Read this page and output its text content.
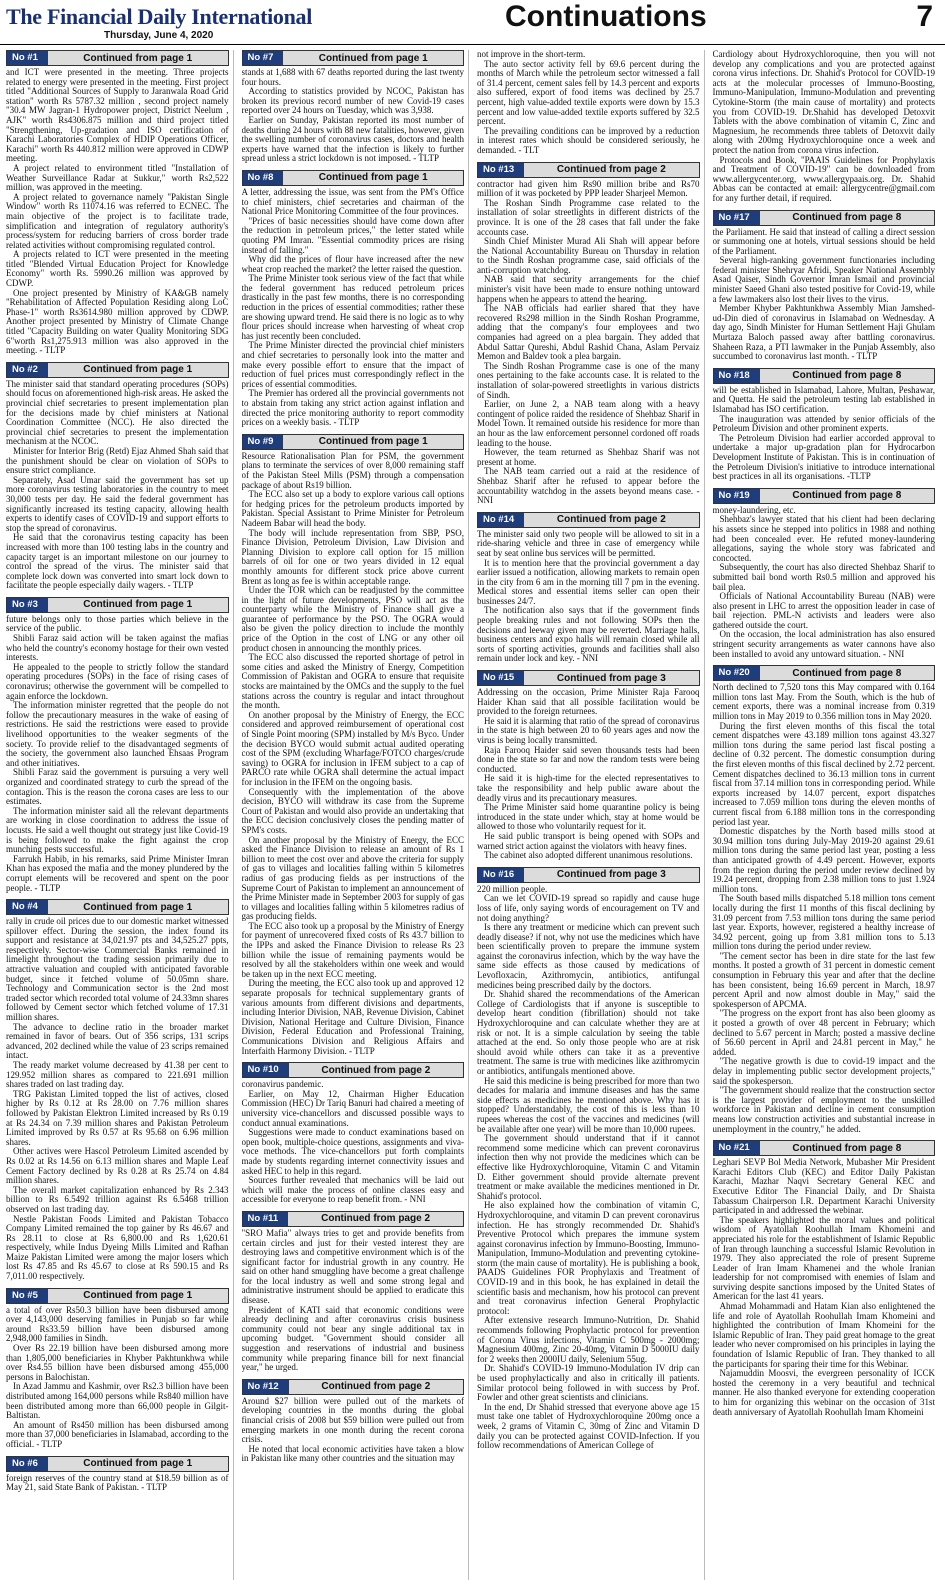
The Financial Daily International
Thursday, June 4, 2020
Continuations	7
No #1	Continued from page 1

and ICT were presented in the meeting. Three projects related to energy were presented in the meeting. First project titled "Additional Sources of Supply to Jaranwala Road Grid station" worth Rs 5787.32 million , second project namely "30.4 MW Jagran-1 Hydropower project, District Neelum , AJK" worth Rs4306.875 million and third project titled "Strengthening, Up-gradation and ISO certification of Karachi Laboratories Complex of HDIP Operations Officer, Karachi" worth Rs 440.812 million were approved in CDWP meeting.

A project related to environment titled "Installation of Weather Surveillance Radar at Sukkur," worth Rs2,522 million, was approved in the meeting.

A project related to governance namely "Pakistan Single Window" worth Rs 11074.16 was referred to ECNEC. The main objective of the project is to facilitate trade, simplification and integration of regulatory authority's process/system for reducing barriers of cross border trade related activities without compromising regulated control.

A projects related to ICT were presented in the meeting titled "Blended Virtual Education Project for Knowledge Economy" worth Rs. 5990.26 million was approved by CDWP.

One project presented by Ministry of KA&GB namely "Rehabilitation of Affected Population Residing along LoC Phase-1" worth Rs3614.980 million approved by CDWP. Another project presented by Ministry of Climate Change titled "Capacity Building on water Quality Monitoring SDG 6"worth Rs1,275.913 million was also approved in the meeting. - TLTP

No #2	Continued from page 1

The minister said that standard operating procedures (SOPs) should focus on aforementioned high-risk areas. He asked the provincial chief secretaries to present implementation plan for the decisions made by chief ministers at National Coordination Committee (NCC). He also directed the provincial chief secretaries to present the implementation mechanism at the NCOC.

Minister for Interior Brig (Retd) Ejaz Ahmed Shah said that the punishment should be clear on violation of SOPs to ensure strict compliance.

Separately, Asad Umar said the government has set up more coronavirus testing laboratories in the country to meet 30,000 tests per day. He said the federal government has significantly increased its testing capacity, allowing health experts to identify cases of COVID-19 and support efforts to stop the spread of coronavirus.

He said that the coronavirus testing capacity has been increased with more than 100 testing labs in the country and capacity target is an important milestone on our journey to control the spread of the virus. The minister said that complete lock down was converted into smart lock down to facilitate the people especially daily wagers. - TLTP

No #3	Continued from page 1

future belongs only to those parties which believe in the service of the public.

Shibli Faraz said action will be taken against the mafias who held the country's economy hostage for their own vested interests.

He appealed to the people to strictly follow the standard operating procedures (SOPs) in the face of rising cases of coronavirus; otherwise the government will be compelled to again enforce the lockdown.

The information minister regretted that the people do not follow the precautionary measures in the wake of easing of restrictions. He said the restrictions were eased to provide livelihood opportunities to the weaker segments of the society. To provide relief to the disadvantaged segments of the society, the government also launched Ehsaas Program and other initiatives.

Shibli Faraz said the government is pursuing a very well organized and coordinated strategy to curb the spread of the contagion. This is the reason the corona cases are less to our estimates.

The information minister said all the relevant departments are working in close coordination to address the issue of locusts. He said a well thought out strategy just like Covid-19 is being followed to make the fight against the crop munching pests successful.

Farrukh Habib, in his remarks, said Prime Minister Imran Khan has exposed the mafia and the money plundered by the corrupt elements will be recovered and spent on the poor people. - TLTP

No #4	Continued from page 1

rally in crude oil prices due to our domestic market witnessed spillover effect. During the session, the index found its support and resistance at 34,021.97 pts and 34,525.27 ppts, respectively. Sector-wise Commercial Banks remained in limelight throughout the trading session primarily due to attractive valuation and coupled with anticipated favorable budget, since it fetched volume of 50.05mn share. Technology and Communication sector is the 2nd most traded sector which recorded total volume of 24.33mn shares followed by Cement sector which fetched volume of 17.31 million shares.

The advance to decline ratio in the broader market remained in favor of bears. Out of 356 scrips, 131 scrips advanced, 202 declined while the value of 23 scrips remained intact.

The ready market volume decreased by 41.38 per cent to 129.952 million shares as compared to 221.691 million shares traded on last trading day.

TRG Pakistan Limited topped the list of actives, closed higher by Rs 0.12 at Rs 28.00 on 7.76 million shares followed by Pakistan Elektron Limited increased by Rs 0.19 at Rs 24.34 on 7.39 million shares and Pakistan Petroleum Limited improved by Rs 0.57 at Rs 95.68 on 6.96 million shares.

Other actives were Hascol Petroleum Limited ascended by Rs 0.02 at Rs 14.56 on 6.13 million shares and Maple Leaf Cement Factory declined by Rs 0.28 at Rs 25.74 on 4.84 million shares.

The overall market capitalization enhanced by Rs 2.343 billion to Rs 6.5492 trillion against Rs 6.5468 trillion observed on last trading day.

Nestle Pakistan Foods Limited and Pakistan Tobacco Company Limited remained the top gainer by Rs 46.67 and Rs 28.11 to close at Rs 6,800.00 and Rs 1,620.61 respectively, while Indus Dyeing Mills Limited and Rafhan Maize Pakistan Limited were among the major losers which lost Rs 47.85 and Rs 45.67 to close at Rs 590.15 and Rs 7,011.00 respectively.

No #5	Continued from page 1

a total of over Rs50.3 billion have been disbursed among over 4,143,000 deserving families in Punjab so far while around Rs33.59 billion have been disbursed among 2,948,000 families in Sindh.

Over Rs 22.19 billion have been disbursed among more than 1,805,000 beneficiaries in Khyber Pakhtunkhwa while over Rs4.55 billion have been disbursed among 455,000 persons in Balochistan.

In Azad Jammu and Kashmir, over Rs2.3 billion have been distributed among 164,000 persons while Rs840 million have been distributed among more than 66,000 people in Gilgit-Baltistan.

An amount of Rs450 million has been disbursed among more than 37,000 beneficiaries in Islamabad, according to the official. - TLTP

No #6	Continued from page 1

foreign reserves of the country stand at $18.59 billion as of May 21, said State Bank of Pakistan. - TLTP

No #7	Continued from page 1

stands at 1,688 with 67 deaths reported during the last twenty four hours.

According to statistics provided by NCOC, Pakistan has broken its previous record number of new Covid-19 cases reported over 24 hours on Tuesday, which was 3,938.

Earlier on Sunday, Pakistan reported its most number of deaths during 24 hours with 88 new fatalities, however, given the swelling number of coronavirus cases, doctors and health experts have warned that the infection is likely to further spread unless a strict lockdown is not imposed. - TLTP

No #8	Continued from page 1

A letter, addressing the issue, was sent from the PM's Office to chief ministers, chief secretaries and chairman of the National Price Monitoring Committee of the four provinces.

"Prices of basic necessities should have come down after the reduction in petroleum prices," the letter stated while quoting PM Imran. "Essential commodity prices are rising instead of falling."

Why did the prices of flour have increased after the new wheat crop reached the market? the letter raised the question.

The Prime Minister took serious view of the fact that while the federal government has reduced petroleum prices drastically in the past few months, there is no corresponding reduction in the prices of essential commodities; rather these are showing upward trend. He said there is no logic as to why flour prices should increase when harvesting of wheat crop has just recently been concluded.

The Prime Minister directed the provincial chief ministers and chief secretaries to personally look into the matter and make every possible effort to ensure that the impact of reduction of fuel prices must correspondingly reflect in the prices of essential commodities.

The Premier has ordered all the provincial governments not to abstain from taking any strict action against inflation and directed the price monitoring authority to report commodity prices on a weekly basis. - TLTP

No #9	Continued from page 1

Resource Rationalisation Plan for PSM, the government plans to terminate the services of over 8,000 remaining staff of the Pakistan Steel Mills (PSM) through a compensation package of about Rs19 billion.

The ECC also set up a body to explore various call options for hedging prices for the petroleum products imported by Pakistan. Special Assistant to Prime Minister for Petroleum Nadeem Babar will head the body.

The body will include representation from SBP, PSO, Finance Division, Petroleum Division, Law Division and Planning Division to explore call option for 15 million barrels of oil for one or two years divided in 12 equal monthly amounts for different stock price above current Brent as long as fee is within acceptable range.

Under the TOR which can be readjusted by the committee in the light of future developments, PSO will act as the counterparty while the Ministry of Finance shall give a guarantee of performance by the PSO. The OGRA would also be given the policy direction to include the monthly price of the Option in the cost of LNG or any other oil product chosen in announcing the monthly prices.

The ECC also discussed the reported shortage of petrol in some cities and asked the Ministry of Energy, Competition Commission of Pakistan and OGRA to ensure that requisite stocks are maintained by the OMCs and the supply to the fuel stations across the country is regular and intact throughout the month.

On another proposal by the Ministry of Energy, the ECC considered and approved reimbursement of operational cost of Single Point mooring (SPM) installed by M/s Byco. Under the decision BYCO would submit actual audited operating cost of the SPM (excluding Wharfage/FOTCO charges/crude saving) to OGRA for inclusion in IFEM subject to a cap of PARCO rate while OGRA shall determine the actual impact for inclusion in the IFEM on the ongoing basis.

Consequently with the implementation of the above decision, BYCO will withdraw its case from the Supreme Court of Pakistan and would also provide an undertaking that the ECC decision conclusively closes the pending matter of SPM's costs.

On another proposal by the Ministry of Energy, the ECC asked the Finance Division to release an amount of Rs 1 billion to meet the cost over and above the criteria for supply of gas to villages and localities falling within 5 kilometres radius of gas producing fields as per instructions of the Supreme Court of Pakistan to implement an announcement of the Prime Minister made in September 2003 for supply of gas to villages and localities falling within 5 kilometres radius of gas producing fields.

The ECC also took up a proposal by the Ministry of Energy for payment of unrecovered fixed costs of Rs 43.7 billion to the IPPs and asked the Finance Division to release Rs 23 billion while the issue of remaining payments would be resolved by all the stakeholders within one week and would be taken up in the next ECC meeting.

During the meeting, the ECC also took up and approved 12 separate proposals for technical supplementary grants of various amounts from different divisions and departments, including Interior Division, NAB, Revenue Division, Cabinet Division, National Heritage and Culture Division, Finance Division, Federal Education and Professional Training, Communications Division and Religious Affairs and Interfaith Harmony Division. - TLTP

No #10	Continued from page 2

coronavirus pandemic.

Earlier, on May 12, Chairman Higher Education Commission (HEC) Dr Tariq Banuri had chaired a meeting of university vice-chancellors and discussed possible ways to conduct annual examinations.

Suggestions were made to conduct examinations based on open book, multiple-choice questions, assignments and viva-voce methods. The vice-chancellors put forth complaints made by students regarding internet connectivity issues and asked HEC to help in this regard.

Sources further revealed that mechanics will be laid out which will make the process of online classes easy and accessible for everyone to reap benefit from. - NNI

No #11	Continued from page 2

"SRO Mafia" always tries to get and provide benefits from certain circles and just for their vested interest they are destroying laws and competitive environment which is of the significant factor for industrial growth in any country. He said on other hand smuggling have become a great challenge for the local industry as well and some strong legal and administrative instrument should be applied to eradicate this disease.

President of KATI said that economic conditions were already declining and after coronavirus crisis business community could not bear any single additional tax in upcoming budget. "Government should consider all suggestion and reservations of industrial and business community while preparing finance bill for next financial year," he urged.

No #12	Continued from page 2

Around $27 billion were pulled out of the markets of developing countries in the months during the global financial crisis of 2008 but $59 billion were pulled out from emerging markets in one month during the recent corona crisis.

He noted that local economic activities have taken a blow in Pakistan like many other countries and the situation may

not improve in the short-term.

The auto sector activity fell by 69.6 percent during the months of March while the petroleum sector witnessed a fall of 31.4 percent, cement sales fell by 14.3 percent and exports also suffered, export of food items was declined by 25.7 percent, high value-added textile exports were down by 15.3 percent and low value-added textile exports suffered by 32.5 percent.

The prevailing conditions can be improved by a reduction in interest rates which should be considered seriously, he demanded. - TLT

No #13	Continued from page 2

contractor had given him Rs90 million bribe and Rs70 million of it was pocketed by PPP leader Sharjeel Memon.

The Roshan Sindh Programme case related to the installation of solar streetlights in different districts of the province. It is one of the 28 cases that fall under the fake accounts case.

Sindh Chief Minister Murad Ali Shah will appear before the National Accountability Bureau on Thursday in relation to the Sindh Roshan programme case, said officials of the anti-corruption watchdog.

NAB said that security arrangements for the chief minister's visit have been made to ensure nothing untoward happens when he appears to attend the hearing.

The NAB officials had earlier shared that they have recovered Rs298 million in the Sindh Roshan Programme, adding that the company's four employees and two companies had agreed on a plea bargain. They added that Abdul Sattar Qureshi, Abdul Rashid Chana, Aslam Pervaiz Memon and Baldev took a plea bargain.

The Sindh Roshan Programme case is one of the many ones pertaining to the fake accounts case. It is related to the installation of solar-powered streetlights in various districts of Sindh.

Earlier, on June 2, a NAB team along with a heavy contingent of police raided the residence of Shehbaz Sharif in Model Town. It remained outside his residence for more than an hour as the law enforcement personnel cordoned off roads leading to the house.

However, the team returned as Shehbaz Sharif was not present at home.

The NAB team carried out a raid at the residence of Shehbaz Sharif after he refused to appear before the accountability watchdog in the assets beyond means case. - NNI

No #14	Continued from page 2

The minister said only two people will be allowed to sit in a ride-sharing vehicle and three in case of emergency while seat by seat online bus services will be permitted.

It is to mention here that the provincial government a day earlier issued a notification, allowing markets to remain open in the city from 6 am in the morning till 7 pm in the evening. Medical stores and essential items seller can open their businesses 24/7.

The notification also says that if the government finds people breaking rules and not following SOPs then the decisions and leeway given may be reverted. Marriage halls, business centers and expo halls will remain closed while all sorts of sporting activities, grounds and facilities shall also remain under lock and key. - NNI

No #15	Continued from page 3

Addressing on the occasion, Prime Minister Raja Farooq Haider Khan said that all possible facilitation would be provided to the foreign returnees.

He said it is alarming that ratio of the spread of coronavirus in the state is high between 20 to 60 years ages and now the virus is being locally transmitted.

Raja Farooq Haider said seven thousands tests had been done in the state so far and now the random tests were being conducted.

He said it is high-time for the elected representatives to take the responsibility and help public aware about the deadly virus and its precautionary measures.

The Prime Minister said home quarantine policy is being introduced in the state under which, stay at home would be allowed to those who voluntarily request for it.

He said public transport is being opened with SOPs and warned strict action against the violators with heavy fines.

The cabinet also adopted different unanimous resolutions.

No #16	Continued from page 3

220 million people.

Can we let COVID-19 spread so rapidly and cause huge loss of life, only saying words of encouragement on TV and not doing anything?

Is there any treatment or medicine which can prevent such deadly disease? if not, why not use the medicines which have been scientifically proven to prepare the immune system against the coronavirus infection, which by the way have the same side effects as those caused by medications of Levofloxacin, Azithromycin, antibiotics, antifungal medicines being prescribed daily by the doctors.

Dr. Shahid shared the recommendations of the American College of Cardiologists that if anyone is susceptible to develop heart condition (fibrillation) should not take Hydroxychloroquine and can calculate whether they are at risk or not. It is a simple calculation by seeing the table attached at the end. So only those people who are at risk should avoid while others can take it as a preventive treatment. The same is true with medicines like azithromycin or antibiotics, antifungals mentioned above.

He said this medicine is being prescribed for more than two decades for malaria and immune diseases and has the same side effects as medicines he mentioned above. Why has it stopped? Understandably, the cost of this is less than 10 rupees whereas the cost of the vaccines and medicines (will be available after one year) will be more than 10,000 rupees.

The government should understand that if it cannot recommend some medicine which can prevent coronavirus infection then why not provide the medicines which can be effective like Hydroxychloroquine, Vitamin C and Vitamin D. Either government should provide alternate prevent treatment or make available the medicines mentioned in Dr. Shahid's protocol.

He also explained how the combination of vitamin C, Hydroxychloroquine, and vitamin D can prevent coronavirus infection. He has strongly recommended Dr. Shahid's Preventive Protocol which prepares the immune system against coronavirus infection by Immuno-Boosting, Immuno-Manipulation, Immuno-Modulation and preventing cytokine-storm (the main cause of mortality). He is publishing a book, PAADS Guidelines FOR Prophylaxis and Treatment of COVID-19 and in this book, he has explained in detail the scientific basis and mechanism, how his protocol can prevent and treat coronavirus infection General Prophylactic protocol:

After extensive research Immuno-Nutrition, Dr. Shahid recommends following Prophylactic protocol for prevention of Corona Virus infections, Vitamin C 500mg - 2000mg; Magnesium 400mg, Zinc 20-40mg, Vitamin D 5000IU daily for 2 weeks then 2000IU daily, Selenium 55ug.

Dr. Shahid's COVID-19 Immuno-Modulation IV drip can be used prophylactically and also in critically ill patients. Similar protocol being followed in with success by Prof. Fowler and other great scientists and clinicians.

In the end, Dr Shahid stressed that everyone above age 15 must take one tablet of Hydroxychloroquine 200mg once a week, 2 grams of Vitamin C, 30mg of Zinc and Vitamin D daily you can be protected against COVID-Infection. If you follow recommendations of American College of

Cardiology about Hydroxychloroquine, then you will not develop any complications and you are protected against corona virus infections. Dr. Shahid's Protocol for COVID-19 acts at the molecular processes of Immuno-Boosting, Immuno-Manipulation, Immuno-Modulation and preventing Cytokine-Storm (the main cause of mortality) and protects you from COVID-19. Dr.Shahid has developed Detoxvit Tablets with the above combination of vitamin C, Zinc and Magnesium, he recommends three tablets of Detoxvit daily along with 200mg Hydroxychloroquine once a week and protect the nation from corona virus infection.

Protocols and Book, "PAAIS Guidelines for Prophylaxis and Treatment of COVID-19" can be downloaded from www.allergycenter.org, www.allergypaais.org. Dr. Shahid Abbas can be contacted at email: allergycentre@gmail.com for any further detail, if required.

No #17	Continued from page 8

the Parliament. He said that instead of calling a direct session or summoning one at hotels, virtual sessions should be held of the Parliament.

Several high-ranking government functionaries including federal minister Shehryar Afridi, Speaker National Assembly Asad Qaiser, Sindh Governor Imran Ismail and provincial minister Saeed Ghani also tested positive for Covid-19, while a few lawmakers also lost their lives to the virus.

Member Khyber Pakhtunkhwa Assembly Mian Jamshed-ud-Din died of coronavirus in Islamabad on Wednesday. A day ago, Sindh Minister for Human Settlement Haji Ghulam Murtaza Baloch passed away after battling coronavirus. Shaheen Raza, a PTI lawmaker in the Punjab Assembly, also succumbed to coronavirus last month. - TLTP

No #18	Continued from page 8

will be established in Islamabad, Lahore, Multan, Peshawar, and Quetta. He said the petroleum testing lab established in Islamabad has ISO certification.

The inauguration was attended by senior officials of the Petroleum Division and other prominent experts.

The Petroleum Division had earlier accorded approval to undertake a major up-gradation plan for Hydrocarbon Development Institute of Pakistan. This is in continuation of the Petroleum Division's initiative to introduce international best practices in all its organisations. -TLTP

No #19	Continued from page 8

money-laundering, etc.

Shehbaz's lawyer stated that his client had been declaring his assets since he stepped into politics in 1988 and nothing had been concealed ever. He refuted money-laundering allegations, saying the whole story was fabricated and concocted.

Subsequently, the court has also directed Shehbaz Sharif to submitted bail bond worth Rs0.5 million and approved his bail plea.

Officials of National Accountability Bureau (NAB) were also present in LHC to arrest the opposition leader in case of bail rejection. PML-N activists and leaders were also gathered outside the court.

On the occasion, the local administration has also ensured stringent security arrangements as water cannons have also been installed to avoid any untoward situation. - NNI

No #20	Continued from page 8

North declined to 7,520 tons this May compared with 0.164 million tons last May. From the South, which is the hub of cement exports, there was a nominal increase from 0.319 million tons in May 2019 to 0.356 million tons in May 2020.

During the first eleven months of this fiscal the total cement dispatches were 43.189 million tons against 43.327 million tons during the same period last fiscal posting a decline of 0.32 percent. The domestic consumption during the first eleven months of this fiscal declined by 2.72 percent. Cement dispatches declined to 36.13 million tons in current fiscal from 37.14 million tons in corresponding period. While exports increased by 14.07 percent, export dispatches increased to 7.059 million tons during the eleven months of current fiscal from 6.188 million tons in the corresponding period last year.

Domestic dispatches by the North based mills stood at 30.94 million tons during July-May 2019-20 against 29.61 million tons during the same period last year, posting a less than anticipated growth of 4.49 percent. However, exports from the region during the period under review declined by 19.24 percent, dropping from 2.38 million tons to just 1.924 million tons.

The South based mills dispatched 5.18 million tons cement locally during the first 11 months of this fiscal declining by 31.09 percent from 7.53 million tons during the same period last year. Exports, however, registered a healthy increase of 34.92 percent, going up from 3.81 million tons to 5.13 million tons during the period under review.

"The cement sector has been in dire state for the last few months. It posted a growth of 31 percent in domestic cement consumption in February this year and after that the decline has been consistent, being 16.69 percent in March, 18.97 percent April and now almost double in May," said the spokesperson of APCMA.

"The progress on the export front has also been gloomy as it posted a growth of over 48 percent in February; which declined to 5.67 percent in March; posted a massive decline of 56.60 percent in April and 24.81 percent in May," he added.

"The negative growth is due to covid-19 impact and the delay in implementing public sector development projects," said the spokesperson.

"The government should realize that the construction sector is the largest provider of employment to the unskilled workforce in Pakistan and decline in cement consumption means low construction activities and substantial increase in unemployment in the country," he added.

No #21	Continued from page 8

Leghari SEVP Bol Media Network, Mubasher Mir President Karachi Editors Club (KEC) and Editor Daily Pakistan Karachi, Mazhar Naqvi Secretary General KEC and Executive Editor The Financial Daily, and Dr Shaista Tabassum Chairperson I.R. Department Karachi University participated in and addressed the webinar.

The speakers highlighted the moral values and political wisdom of Ayatollah Roohullah Imam Khomeini and appreciated his role for the establishment of Islamic Republic of Iran through launching a successful Islamic Revolution in 1979. They also appreciated the role of present Supreme Leader of Iran Imam Khamenei and the whole Iranian leadership for not compromised with enemies of Islam and surviving despite sanctions imposed by the United States of American for the last 41 years.

Ahmad Mohammadi and Hatam Kian also enlightened the life and role of Ayatollah Roohullah Imam Khomeini and highlighted the contribution of Imam Khomeini for the Islamic Republic of Iran. They paid great homage to the great leader who never compromised on his principles in laying the foundation of Islamic Republic of Iran. They thanked to all the participants for sparing their time for this Webinar.

Najamuddin Moosvi, the evergreen personality of ICCK hosted the ceremony in a very beautiful and technical manner. He also thanked everyone for extending cooperation to him for organizing this webinar on the occasion of 31st death anniversary of Ayatollah Roohullah Imam Khomeini
